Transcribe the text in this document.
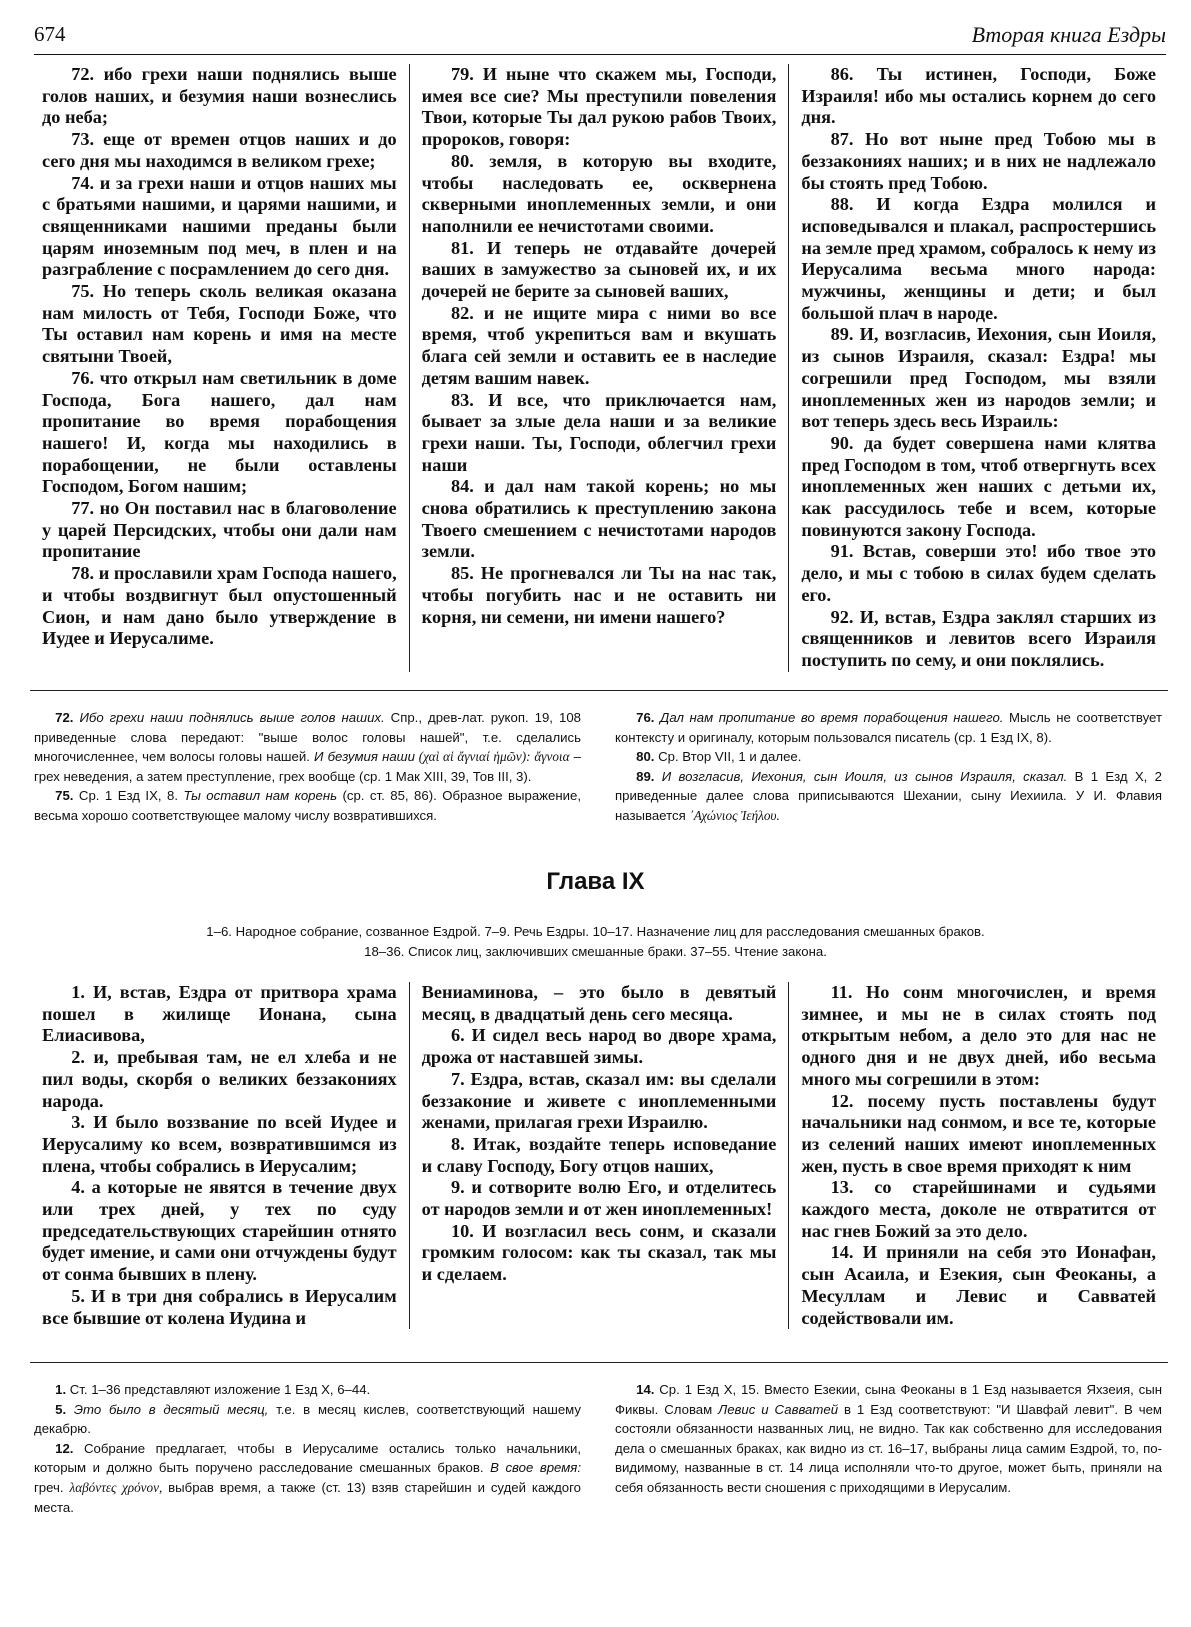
674	Вторая книга Ездры

72. ибо грехи наши поднялись выше голов наших, и безумия наши вознеслись до неба;

73. еще от времен отцов наших и до сего дня мы находимся в великом грехе;

74. и за грехи наши и отцов наших мы с братьями нашими, и царями нашими, и священниками нашими преданы были царям иноземным под меч, в плен и на разграбление с посрамлением до сего дня.

75. Но теперь сколь великая оказана нам милость от Тебя, Господи Боже, что Ты оставил нам корень и имя на месте святыни Твоей,

76. что открыл нам светильник в доме Господа, Бога нашего, дал нам пропитание во время порабощения нашего! И, когда мы находились в порабощении, не были оставлены Господом, Богом нашим;

77. но Он поставил нас в благоволение у царей Персидских, чтобы они дали нам пропитание

78. и прославили храм Господа нашего, и чтобы воздвигнут был опустошенный Сион, и нам дано было утверждение в Иудее и Иерусалиме.

79. И ныне что скажем мы, Господи, имея все сие? Мы преступили повеления Твои, которые Ты дал рукою рабов Твоих, пророков, говоря:

80. земля, в которую вы входите, чтобы наследовать ее, осквернена скверными иноплеменных земли, и они наполнили ее нечистотами своими.

81. И теперь не отдавайте дочерей ваших в замужество за сыновей их, и их дочерей не берите за сыновей ваших,

82. и не ищите мира с ними во все время, чтоб укрепиться вам и вкушать блага сей земли и оставить ее в наследие детям вашим навек.

83. И все, что приключается нам, бывает за злые дела наши и за великие грехи наши. Ты, Господи, облегчил грехи наши

84. и дал нам такой корень; но мы снова обратились к преступлению закона Твоего смешением с нечистотами народов земли.

85. Не прогневался ли Ты на нас так, чтобы погубить нас и не оставить ни корня, ни семени, ни имени нашего?

86. Ты истинен, Господи, Боже Израиля! ибо мы остались корнем до сего дня.

87. Но вот ныне пред Тобою мы в беззакониях наших; и в них не надлежало бы стоять пред Тобою.

88. И когда Ездра молился и исповедывался и плакал, распростершись на земле пред храмом, собралось к нему из Иерусалима весьма много народа: мужчины, женщины и дети; и был большой плач в народе.

89. И, возгласив, Иехония, сын Иоиля, из сынов Израиля, сказал: Ездра! мы согрешили пред Господом, мы взяли иноплеменных жен из народов земли; и вот теперь здесь весь Израиль:

90. да будет совершена нами клятва пред Господом в том, чтоб отвергнуть всех иноплеменных жен наших с детьми их, как рассудилось тебе и всем, которые повинуются закону Господа.

91. Встав, соверши это! ибо твое это дело, и мы с тобою в силах будем сделать его.

92. И, встав, Ездра заклял старших из священников и левитов всего Израиля поступить по сему, и они поклялись.

72. Ибо грехи наши поднялись выше голов наших. Спр., древ-лат. рукоп. 19, 108 приведенные слова передают: "выше волос головы нашей", т.е. сделались многочисленнее, чем волосы головы нашей. И безумия наши (χαὶ αἱ ἄγνιαί ἡμῶν): ἄγνοια – грех неведения, а затем преступление, грех вообще (ср. 1 Мак XIII, 39, Тов III, 3).

75. Ср. 1 Езд IX, 8. Ты оставил нам корень (ср. ст. 85, 86). Образное выражение, весьма хорошо соответствующее малому числу возвратившихся.

76. Дал нам пропитание во время порабощения нашего. Мысль не соответствует контексту и оригиналу, которым пользовался писатель (ср. 1 Езд IX, 8).

80. Ср. Втор VII, 1 и далее.

89. И возгласив, Иехония, сын Иоиля, из сынов Израиля, сказал. В 1 Езд X, 2 приведенные далее слова приписываются Шехании, сыну Иехиила. У И. Флавия называется ᾿Αχώνιος Ἰεήλου.

Глава IX
1–6. Народное собрание, созванное Ездрой. 7–9. Речь Ездры. 10–17. Назначение лиц для расследования смешанных браков.
18–36. Список лиц, заключивших смешанные браки. 37–55. Чтение закона.

1. И, встав, Ездра от притвора храма пошел в жилище Ионана, сына Елиасивова,

2. и, пребывая там, не ел хлеба и не пил воды, скорбя о великих беззакониях народа.

3. И было воззвание по всей Иудее и Иерусалиму ко всем, возвратившимся из плена, чтобы собрались в Иерусалим;

4. а которые не явятся в течение двух или трех дней, у тех по суду председательствующих старейшин отнято будет имение, и сами они отчуждены будут от сонма бывших в плену.

5. И в три дня собрались в Иерусалим все бывшие от колена Иудина и

Вениаминова, – это было в девятый месяц, в двадцатый день сего месяца.

6. И сидел весь народ во дворе храма, дрожа от наставшей зимы.

7. Ездра, встав, сказал им: вы сделали беззаконие и живете с иноплеменными женами, прилагая грехи Израилю.

8. Итак, воздайте теперь исповедание и славу Господу, Богу отцов наших,

9. и сотворите волю Его, и отделитесь от народов земли и от жен иноплеменных!

10. И возгласил весь сонм, и сказали громким голосом: как ты сказал, так мы и сделаем.

11. Но сонм многочислен, и время зимнее, и мы не в силах стоять под открытым небом, а дело это для нас не одного дня и не двух дней, ибо весьма много мы согрешили в этом:

12. посему пусть поставлены будут начальники над сонмом, и все те, которые из селений наших имеют иноплеменных жен, пусть в свое время приходят к ним

13. со старейшинами и судьями каждого места, доколе не отвратится от нас гнев Божий за это дело.

14. И приняли на себя это Ионафан, сын Асаила, и Езекия, сын Феоканы, а Месуллам и Левис и Савватей содействовали им.

1. Ст. 1–36 представляют изложение 1 Езд X, 6–44.

5. Это было в десятый месяц, т.е. в месяц кислев, соответствующий нашему декабрю.

12. Собрание предлагает, чтобы в Иерусалиме остались только начальники, которым и должно быть поручено расследование смешанных браков. В свое время: греч. λαβόντες χρόνον, выбрав время, а также (ст. 13) взяв старейшин и судей каждого места.

14. Ср. 1 Езд X, 15. Вместо Езекии, сына Феоканы в 1 Езд называется Яхзеия, сын Фиквы. Словам Левис и Савватей в 1 Езд соответствуют: "И Шавфай левит". В чем состояли обязанности названных лиц, не видно. Так как собственно для исследования дела о смешанных браках, как видно из ст. 16–17, выбраны лица самим Ездрой, то, по-видимому, названные в ст. 14 лица исполняли что-то другое, может быть, приняли на себя обязанность вести сношения с приходящими в Иерусалим.
